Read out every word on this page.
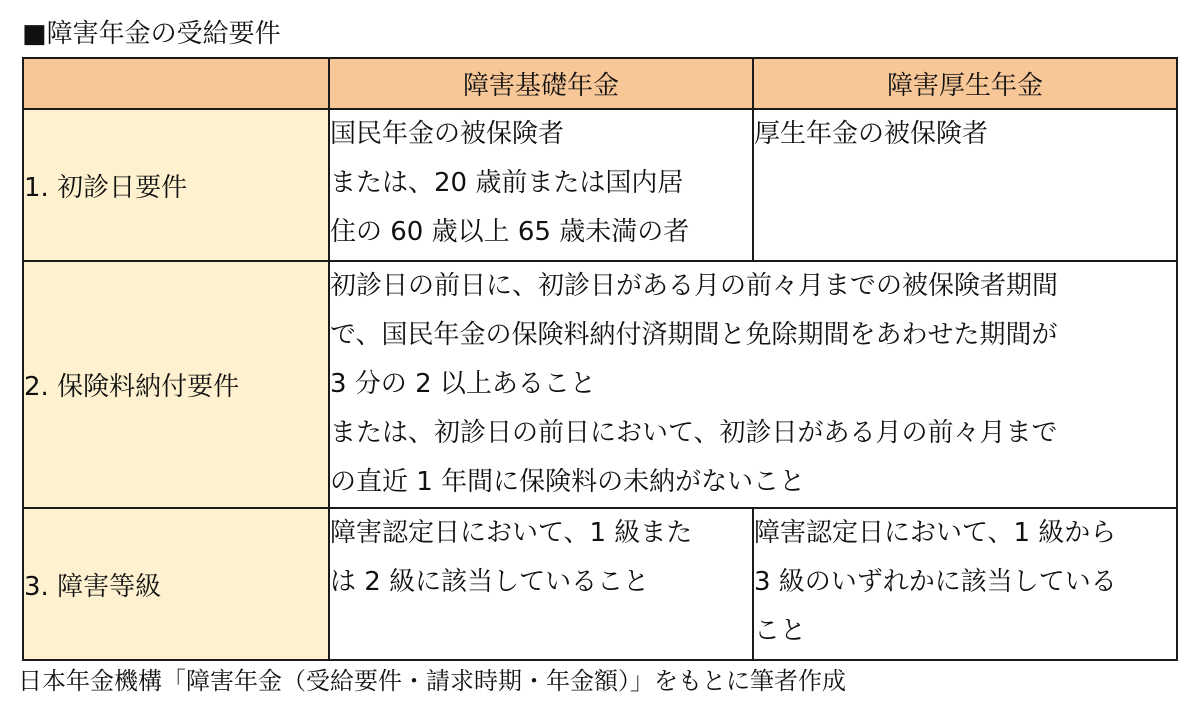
■障害年金の受給要件
	障害基礎年金	障害厚生年金
1. 初診日要件	国民年金の被保険者
または、20 歳前または国内居
住の 60 歳以上 65 歳未満の者	厚生年金の被保険者

2. 保険料納付要件	初診日の前日に、初診日がある月の前々月までの被保険者期間
で、国民年金の保険料納付済期間と免除期間をあわせた期間が
3 分の 2 以上あること
または、初診日の前日において、初診日がある月の前々月まで
の直近 1 年間に保険料の未納がないこと	

3. 障害等級	障害認定日において、1 級また
は 2 級に該当していること	障害認定日において、1 級から
3 級のいずれかに該当している
こと
日本年金機構「障害年金（受給要件・請求時期・年金額）」をもとに筆者作成
